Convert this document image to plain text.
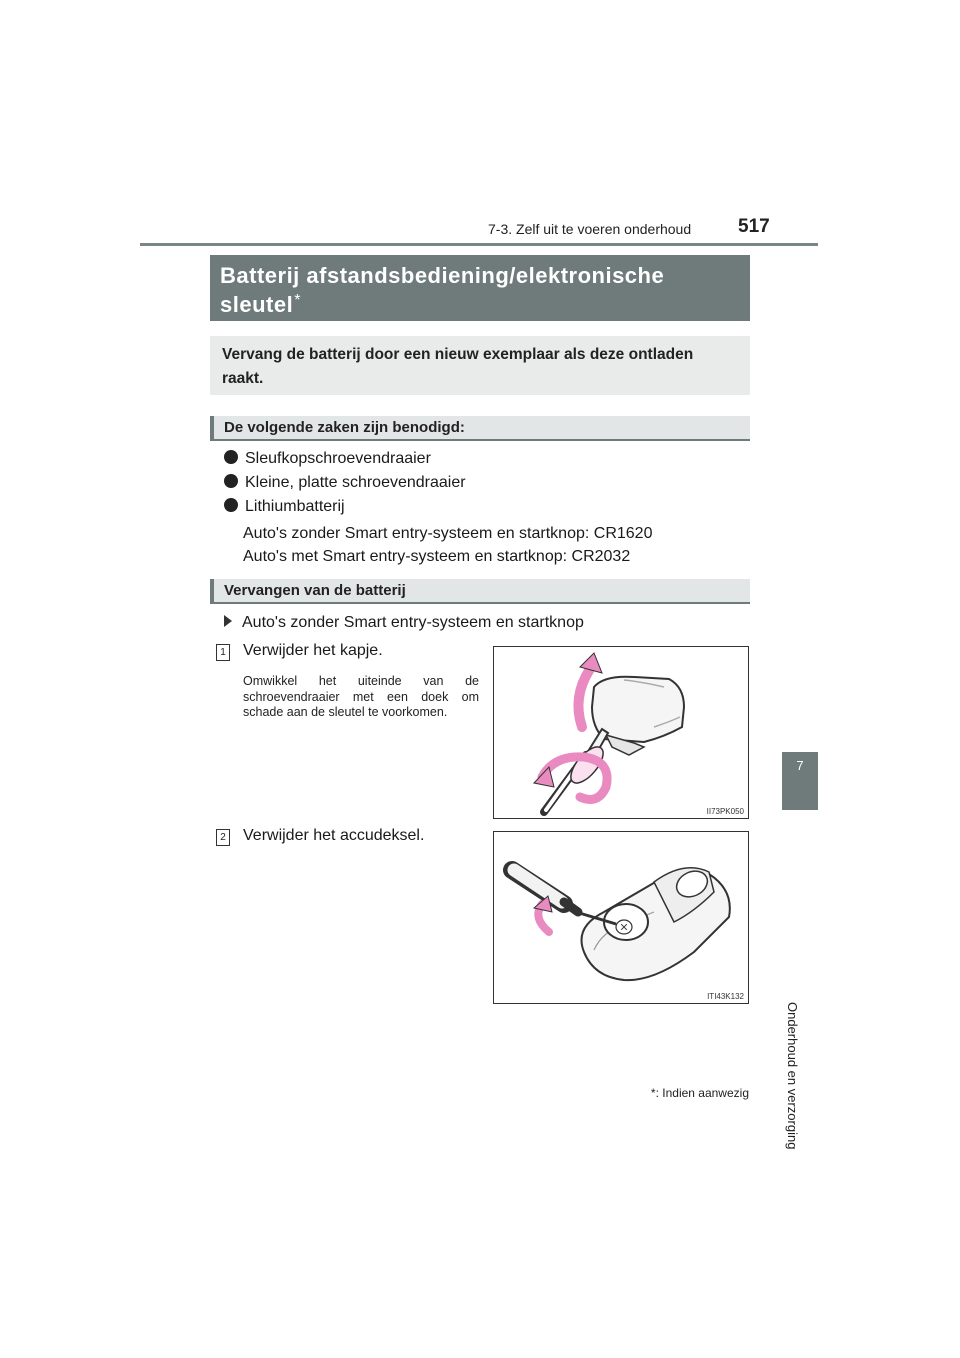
7-3. Zelf uit te voeren onderhoud 517
7
Onderhoud en verzorging
Batterij afstandsbediening/elektronische sleutel*
Vervang de batterij door een nieuw exemplaar als deze ontladen raakt.
De volgende zaken zijn benodigd:
Sleufkopschroevendraaier
Kleine, platte schroevendraaier
Lithiumbatterij
Auto's zonder Smart entry-systeem en startknop: CR1620
Auto's met Smart entry-systeem en startknop: CR2032
Vervangen van de batterij
Auto's zonder Smart entry-systeem en startknop
1 Verwijder het kapje.
Omwikkel het uiteinde van de schroevendraaier met een doek om schade aan de sleutel te voorkomen.
II73PK050
2 Verwijder het accudeksel.
ITI43K132
*: Indien aanwezig
